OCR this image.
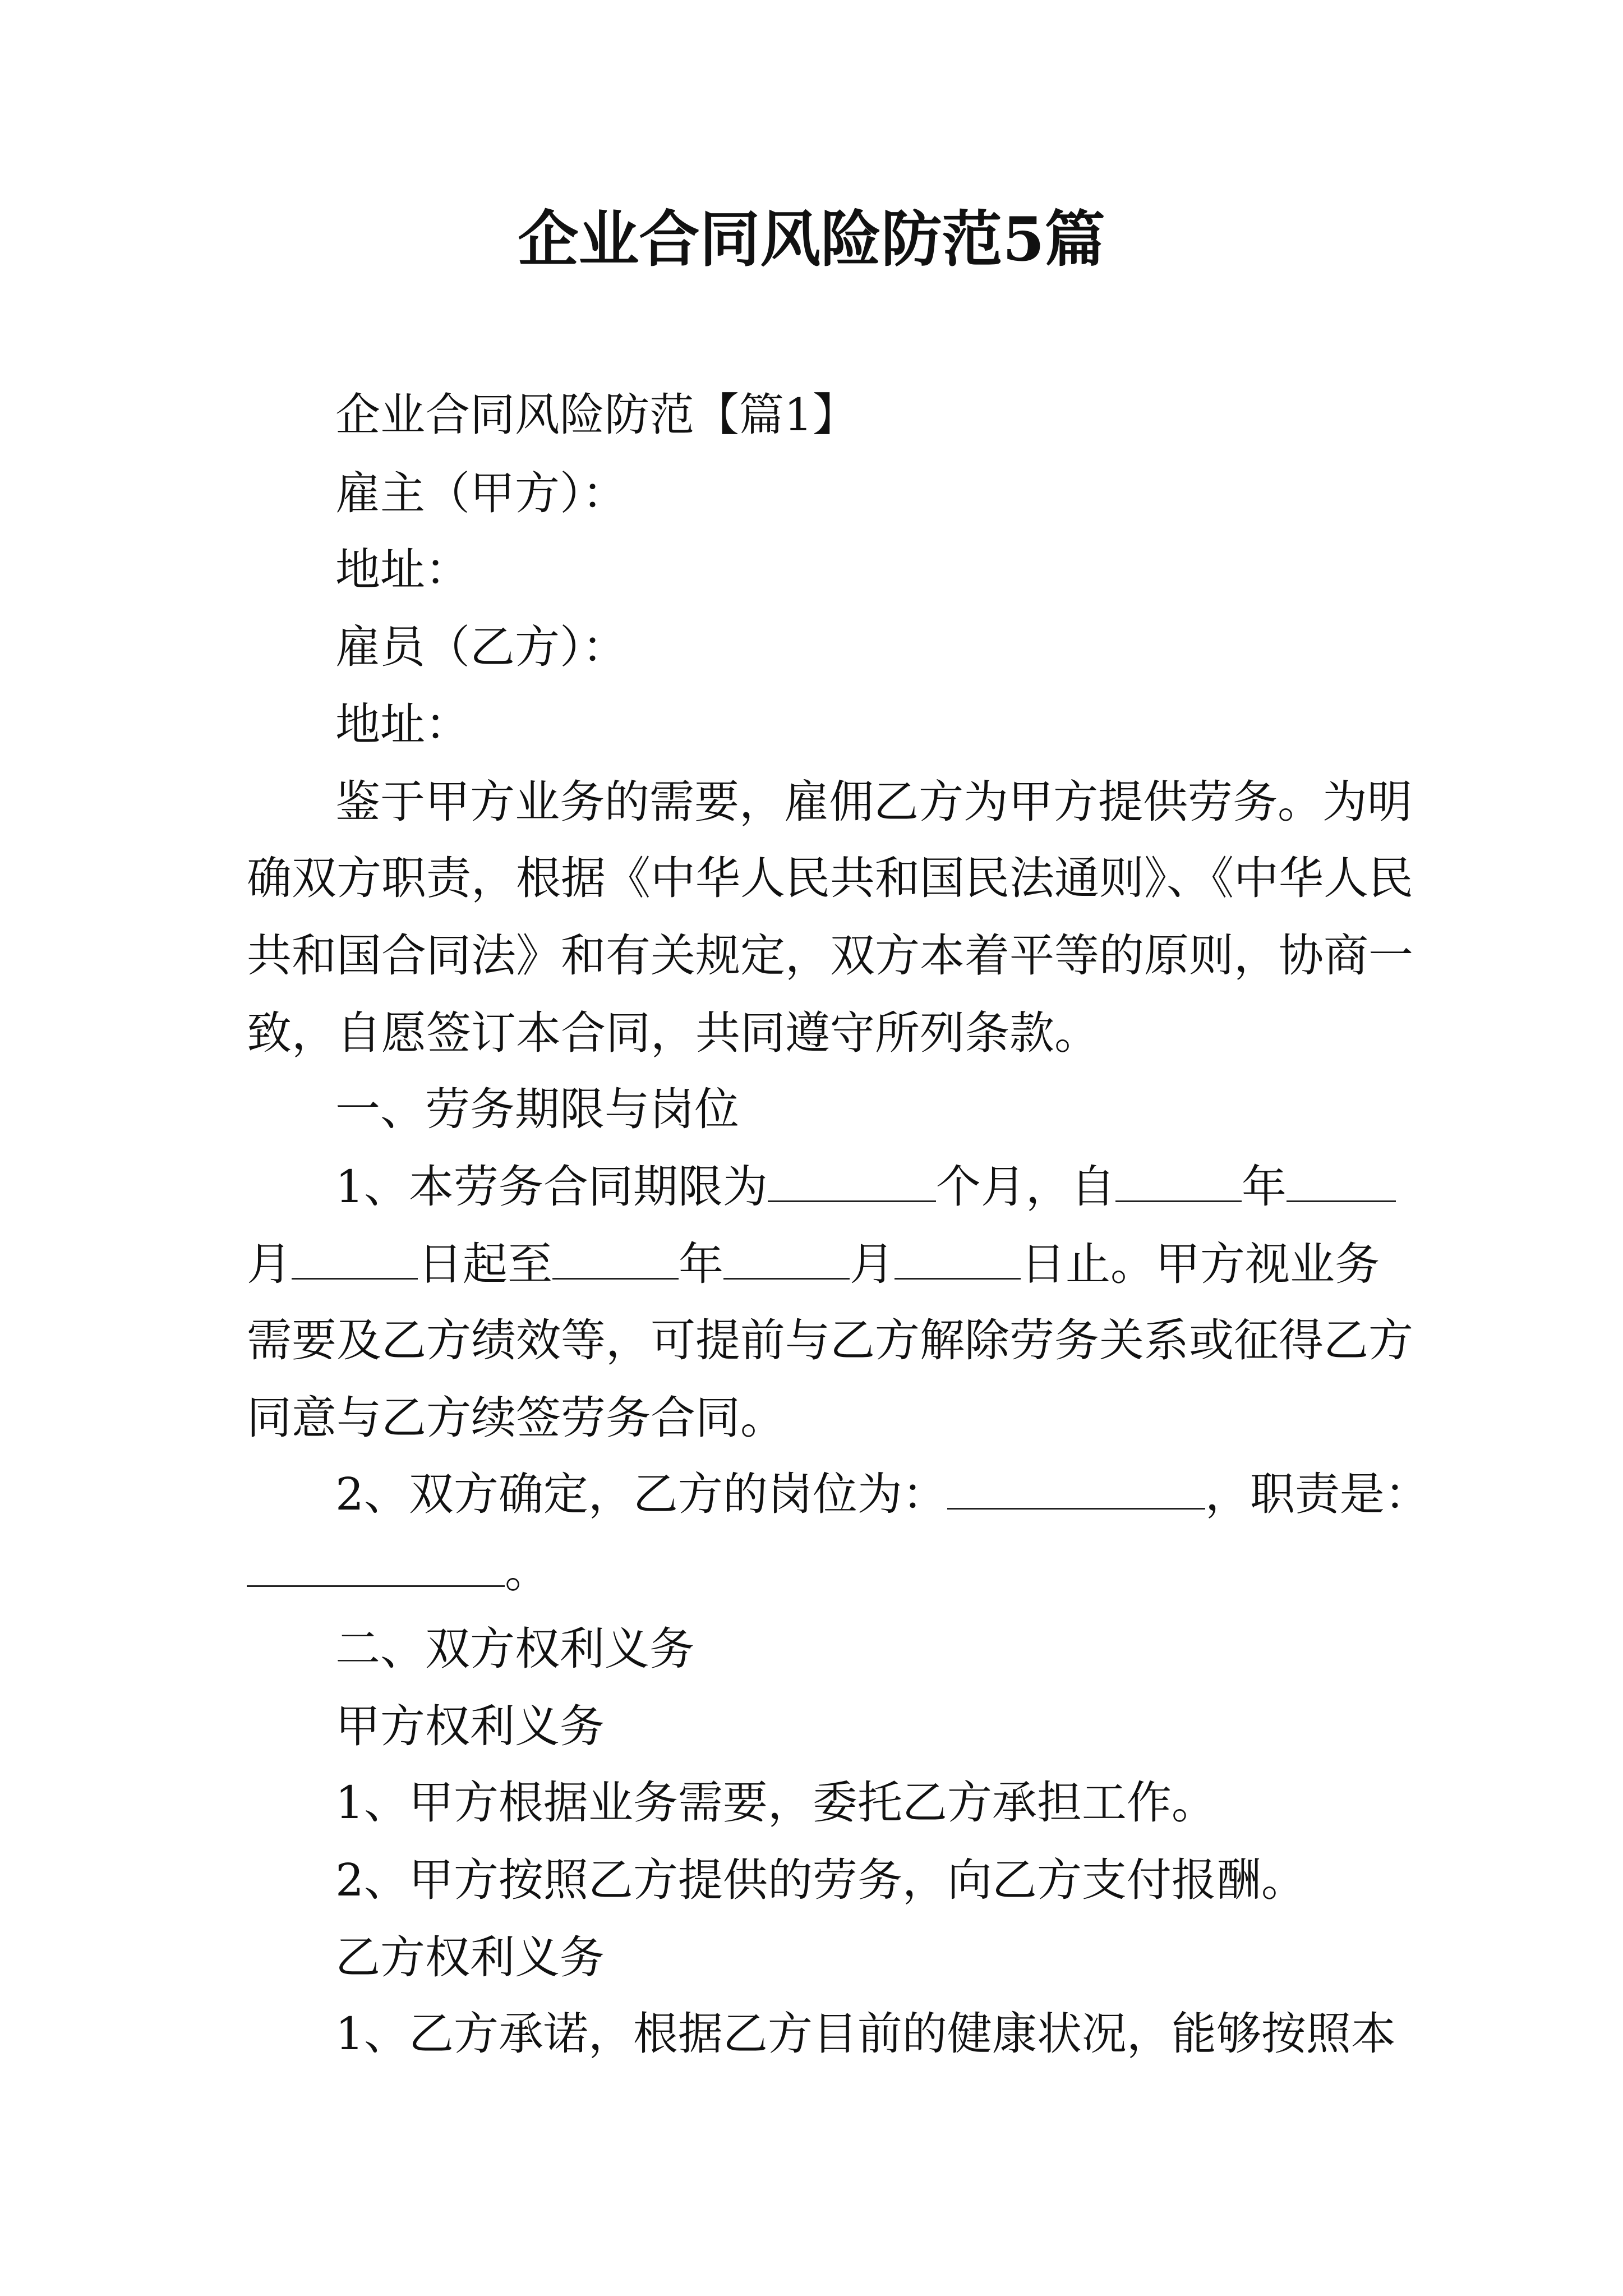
企业合同风险防范5篇
企业合同风险防范【篇1】
雇主（甲方）：
地址：
雇员（乙方）：
地址：
鉴于甲方业务的需要，雇佣乙方为甲方提供劳务。为明
确双方职责，根据《中华人民共和国民法通则》、《中华人民
共和国合同法》和有关规定，双方本着平等的原则，协商一
致，自愿签订本合同，共同遵守所列条款。
一、劳务期限与岗位
1、本劳务合同期限为	个月，自	年
月	日起至	年	月	日止。甲方视业务
需要及乙方绩效等，可提前与乙方解除劳务关系或征得乙方
同意与乙方续签劳务合同。
2、双方确定，乙方的岗位为：	，职责是：
。
二、双方权利义务
甲方权利义务
1、甲方根据业务需要，委托乙方承担工作。
2、甲方按照乙方提供的劳务，向乙方支付报酬。
乙方权利义务
1、乙方承诺，根据乙方目前的健康状况，能够按照本
